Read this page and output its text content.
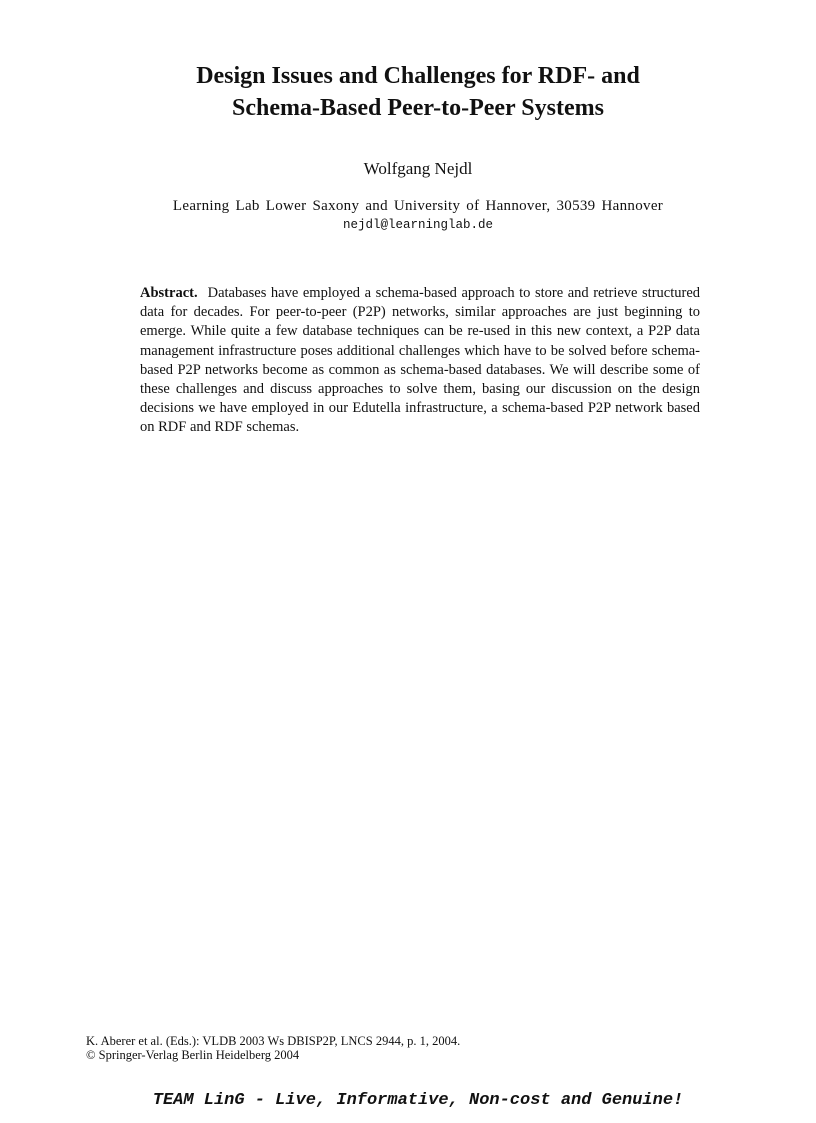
Design Issues and Challenges for RDF- and
Schema-Based Peer-to-Peer Systems
Wolfgang Nejdl
Learning Lab Lower Saxony and University of Hannover, 30539 Hannover
nejdl@learninglab.de

Abstract. Databases have employed a schema-based approach to store and retrieve structured data for decades. For peer-to-peer (P2P) networks, similar approaches are just beginning to emerge. While quite a few database techniques can be re-used in this new context, a P2P data management infrastructure poses additional challenges which have to be solved before schema-based P2P networks become as common as schema-based databases. We will describe some of these challenges and discuss approaches to solve them, basing our discussion on the design decisions we have employed in our Edutella infrastructure, a schema-based P2P network based on RDF and RDF schemas.

K. Aberer et al. (Eds.): VLDB 2003 Ws DBISP2P, LNCS 2944, p. 1, 2004.
© Springer-Verlag Berlin Heidelberg 2004
TEAM LinG - Live, Informative, Non-cost and Genuine!
